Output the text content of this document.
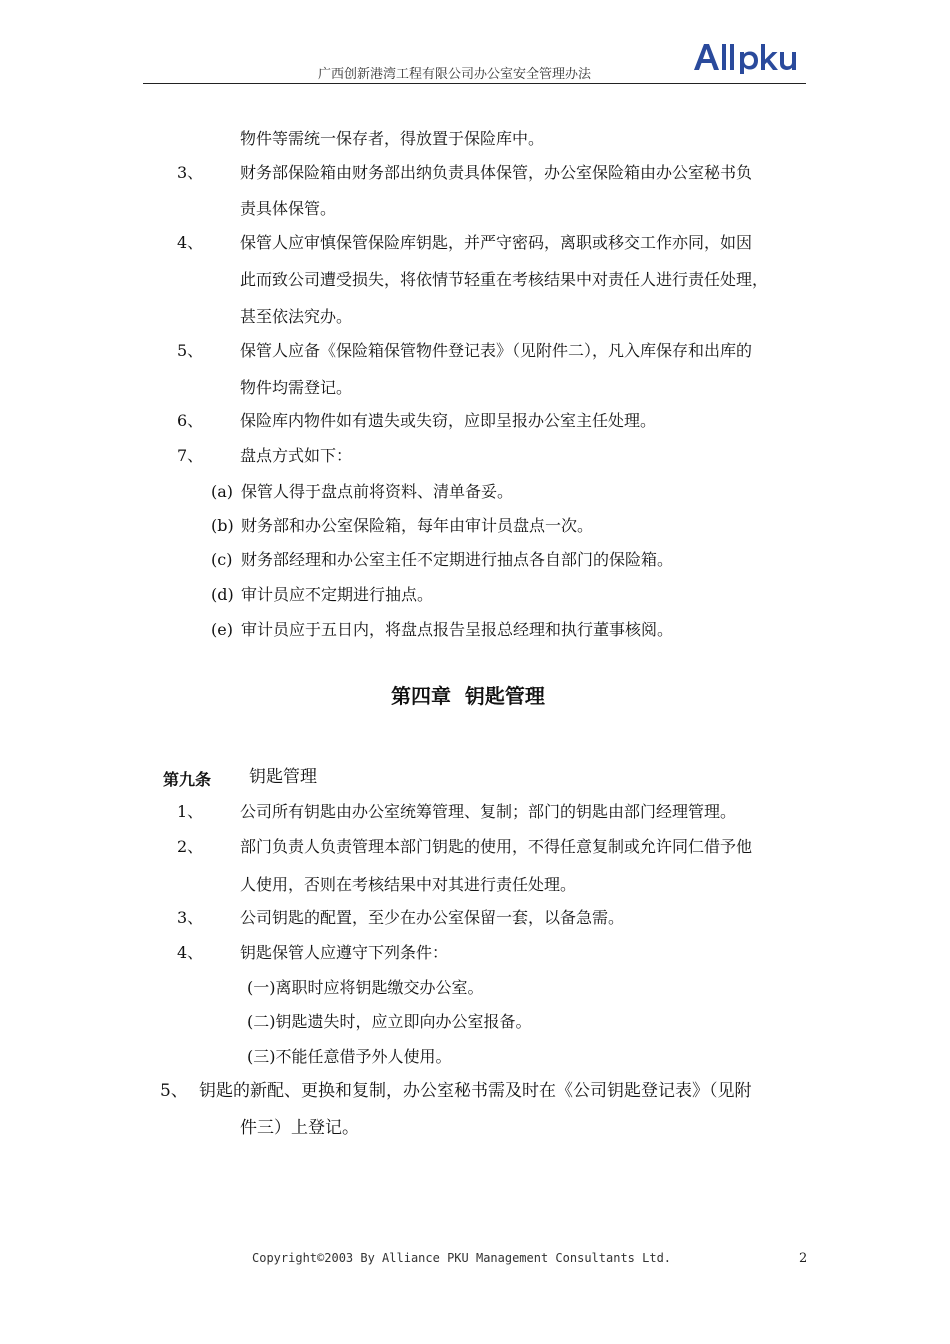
广西创新港湾工程有限公司办公室安全管理办法
物件等需统一保存者，得放置于保险库中。
3、 财务部保险箱由财务部出纳负责具体保管，办公室保险箱由办公室秘书负
责具体保管。
4、 保管人应审慎保管保险库钥匙，并严守密码，离职或移交工作亦同，如因
此而致公司遭受损失，将依情节轻重在考核结果中对责任人进行责任处理，
甚至依法究办。
5、 保管人应备《保险箱保管物件登记表》（见附件二），凡入库保存和出库的
物件均需登记。
6、 保险库内物件如有遗失或失窃，应即呈报办公室主任处理。
7、 盘点方式如下：
(a) 保管人得于盘点前将资料、清单备妥。
(b) 财务部和办公室保险箱，每年由审计员盘点一次。
(c) 财务部经理和办公室主任不定期进行抽点各自部门的保险箱。
(d) 审计员应不定期进行抽点。
(e) 审计员应于五日内，将盘点报告呈报总经理和执行董事核阅。
第四章  钥匙管理
第九条 钥匙管理
1、 公司所有钥匙由办公室统筹管理、复制；部门的钥匙由部门经理管理。
2、 部门负责人负责管理本部门钥匙的使用，不得任意复制或允许同仁借予他
人使用，否则在考核结果中对其进行责任处理。
3、 公司钥匙的配置，至少在办公室保留一套，以备急需。
4、 钥匙保管人应遵守下列条件：
(一)离职时应将钥匙缴交办公室。
(二)钥匙遗失时，应立即向办公室报备。
(三)不能任意借予外人使用。
5、 钥匙的新配、更换和复制，办公室秘书需及时在《公司钥匙登记表》（见附
件三）上登记。
Copyright©2003 By Alliance PKU Management Consultants Ltd.	2
